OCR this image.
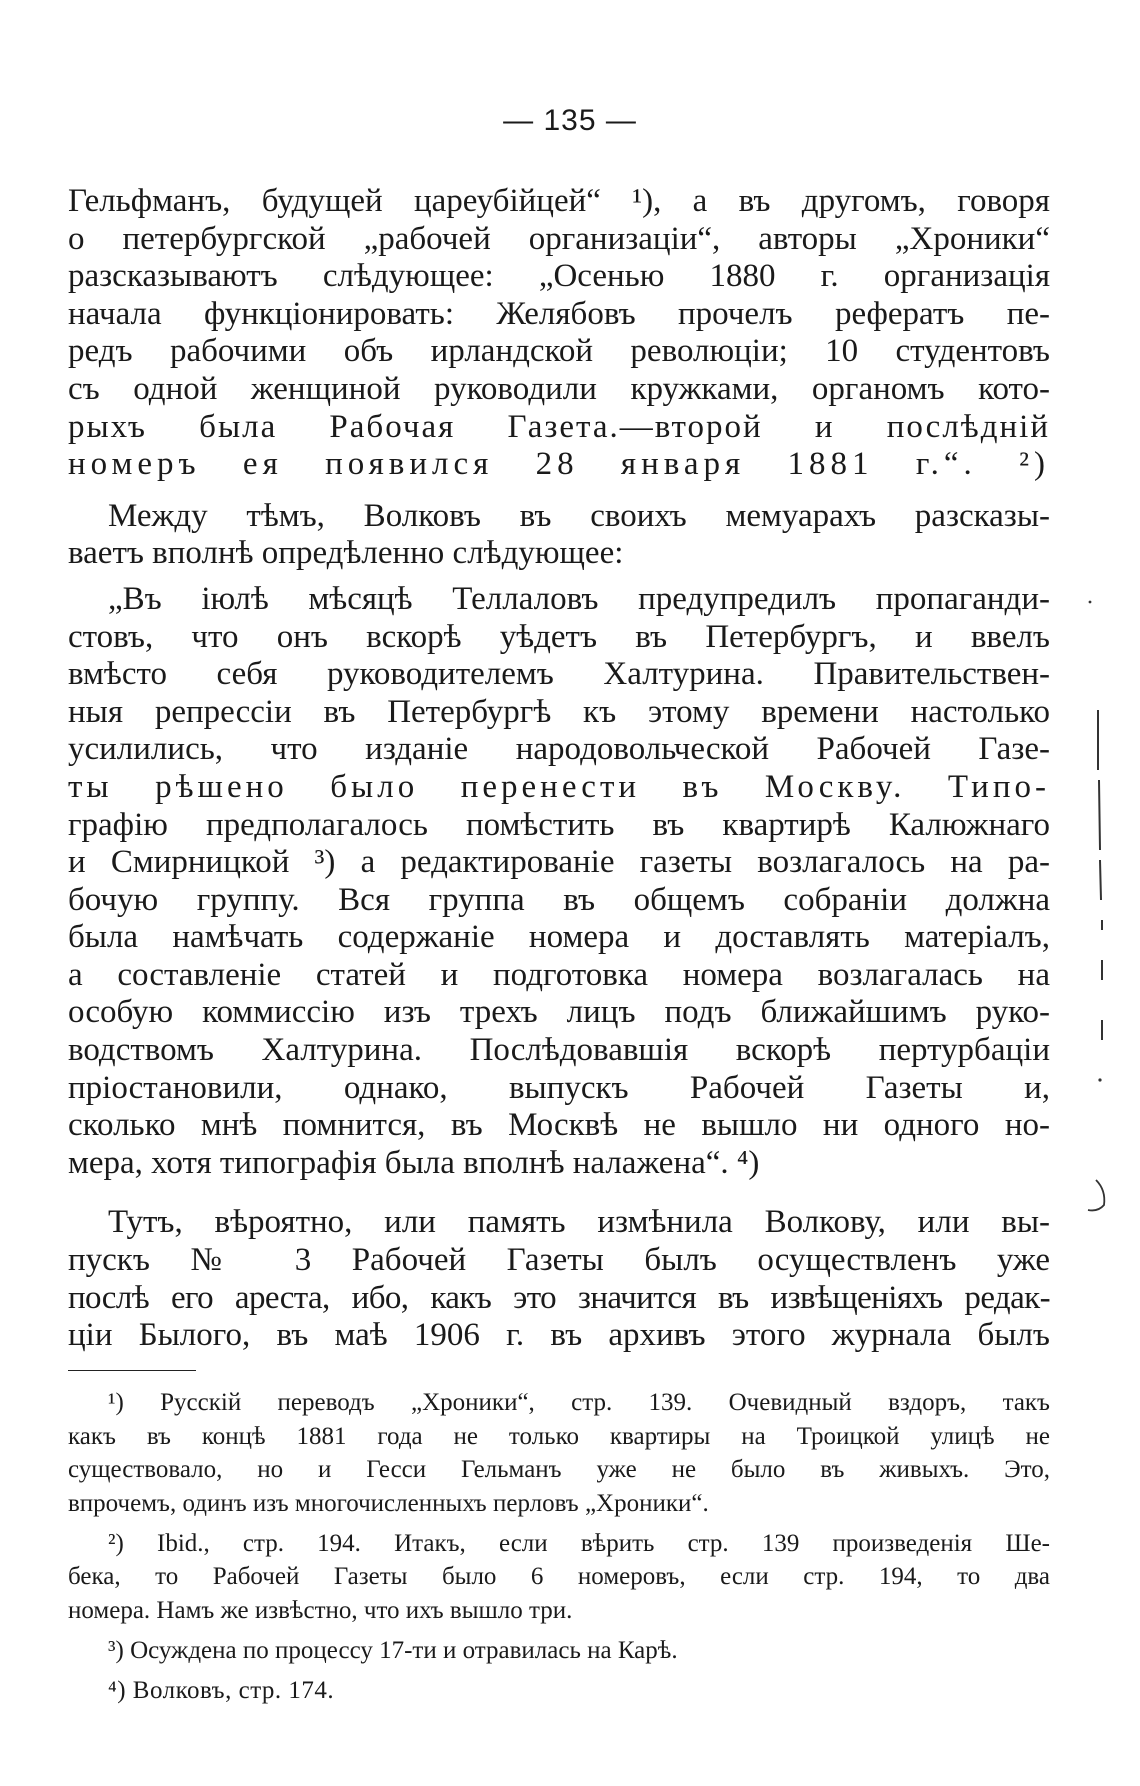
— 135 —
Гельфманъ, будущей цареубійцей“ ¹), а въ другомъ, говоря
о петербургской „рабочей организаціи“, авторы „Хроники“
разсказываютъ слѣдующее: „Осенью 1880 г. организація
начала функціонировать: Желябовъ прочелъ рефератъ пе-
редъ рабочими объ ирландской революціи; 10 студентовъ
съ одной женщиной руководили кружками, органомъ кото-
рыхъ была Рабочая Газета.—второй и послѣдній
номеръ ея появился 28 января 1881 г.“. ²)
Между тѣмъ, Волковъ въ своихъ мемуарахъ разсказы-
ваетъ вполнѣ опредѣленно слѣдующее:
„Въ іюлѣ мѣсяцѣ Теллаловъ предупредилъ пропаганди-
стовъ, что онъ вскорѣ уѣдетъ въ Петербургъ, и ввелъ
вмѣсто себя руководителемъ Халтурина. Правительствен-
ныя репрессіи въ Петербургѣ къ этому времени настолько
усилились, что изданіе народовольческой Рабочей Газе-
ты рѣшено было перенести въ Москву. Типо-
графію предполагалось помѣстить въ квартирѣ Калюжнаго
и Смирницкой ³) а редактированіе газеты возлагалось на ра-
бочую группу. Вся группа въ общемъ собраніи должна
была намѣчать содержаніе номера и доставлять матеріалъ,
а составленіе статей и подготовка номера возлагалась на
особую коммиссію изъ трехъ лицъ подъ ближайшимъ руко-
водствомъ Халтурина. Послѣдовавшія вскорѣ пертурбаціи
пріостановили, однако, выпускъ Рабочей Газеты и,
сколько мнѣ помнится, въ Москвѣ не вышло ни одного но-
мера, хотя типографія была вполнѣ налажена“. ⁴)
Тутъ, вѣроятно, или память измѣнила Волкову, или вы-
пускъ № 3 Рабочей Газеты былъ осуществленъ уже
послѣ его ареста, ибо, какъ это значится въ извѣщеніяхъ редак-
ціи Былого, въ маѣ 1906 г. въ архивъ этого журнала былъ
¹) Русскій переводъ „Хроники“, стр. 139. Очевидный вздоръ, такъ
какъ въ концѣ 1881 года не только квартиры на Троицкой улицѣ не
существовало, но и Гесси Гельманъ уже не было въ живыхъ. Это,
впрочемъ, одинъ изъ многочисленныхъ перловъ „Хроники“.
²) Ibid., стр. 194. Итакъ, если вѣрить стр. 139 произведенія Ше-
бека, то Рабочей Газеты было 6 номеровъ, если стр. 194, то два
номера. Намъ же извѣстно, что ихъ вышло три.
³) Осуждена по процессу 17-ти и отравилась на Карѣ.
⁴) Волковъ, стр. 174.
